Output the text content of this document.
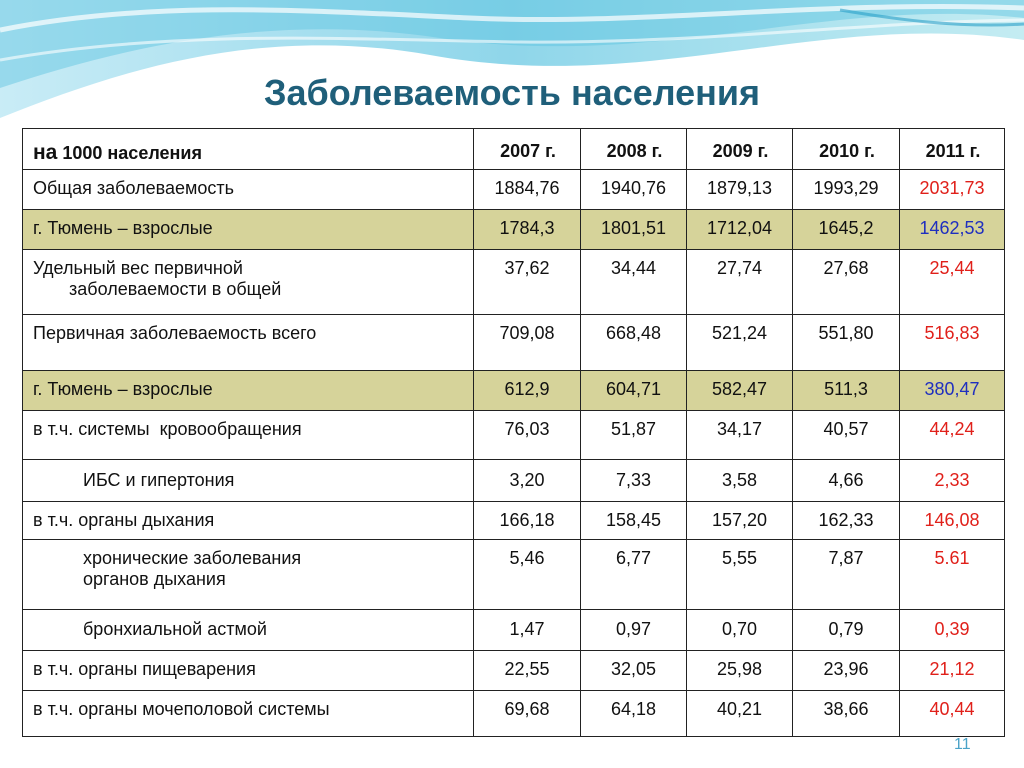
Заболеваемость населения
на 1000 населения	2007 г.	2008 г.	2009 г.	2010 г.	2011 г.
Общая заболеваемость	1884,76	1940,76	1879,13	1993,29	2031,73
г. Тюмень – взрослые	1784,3	1801,51	1712,04	1645,2	1462,53

Удельный вес первичной
заболеваемости в общей	37,62	34,44	27,74	27,68	25,44
Первичная заболеваемость всего	709,08	668,48	521,24	551,80	516,83
г. Тюмень – взрослые	612,9	604,71	582,47	511,3	380,47
в т.ч. системы  кровообращения	76,03	51,87	34,17	40,57	44,24

ИБС и гипертония	3,20	7,33	3,58	4,66	2,33
в т.ч. органы дыхания	166,18	158,45	157,20	162,33	146,08

хронические заболевания
органов дыхания	5,46	6,77	5,55	7,87	5.61

бронхиальной астмой	1,47	0,97	0,70	0,79	0,39
в т.ч. органы пищеварения	22,55	32,05	25,98	23,96	21,12
в т.ч. органы мочеполовой системы	69,68	64,18	40,21	38,66	40,44
11
